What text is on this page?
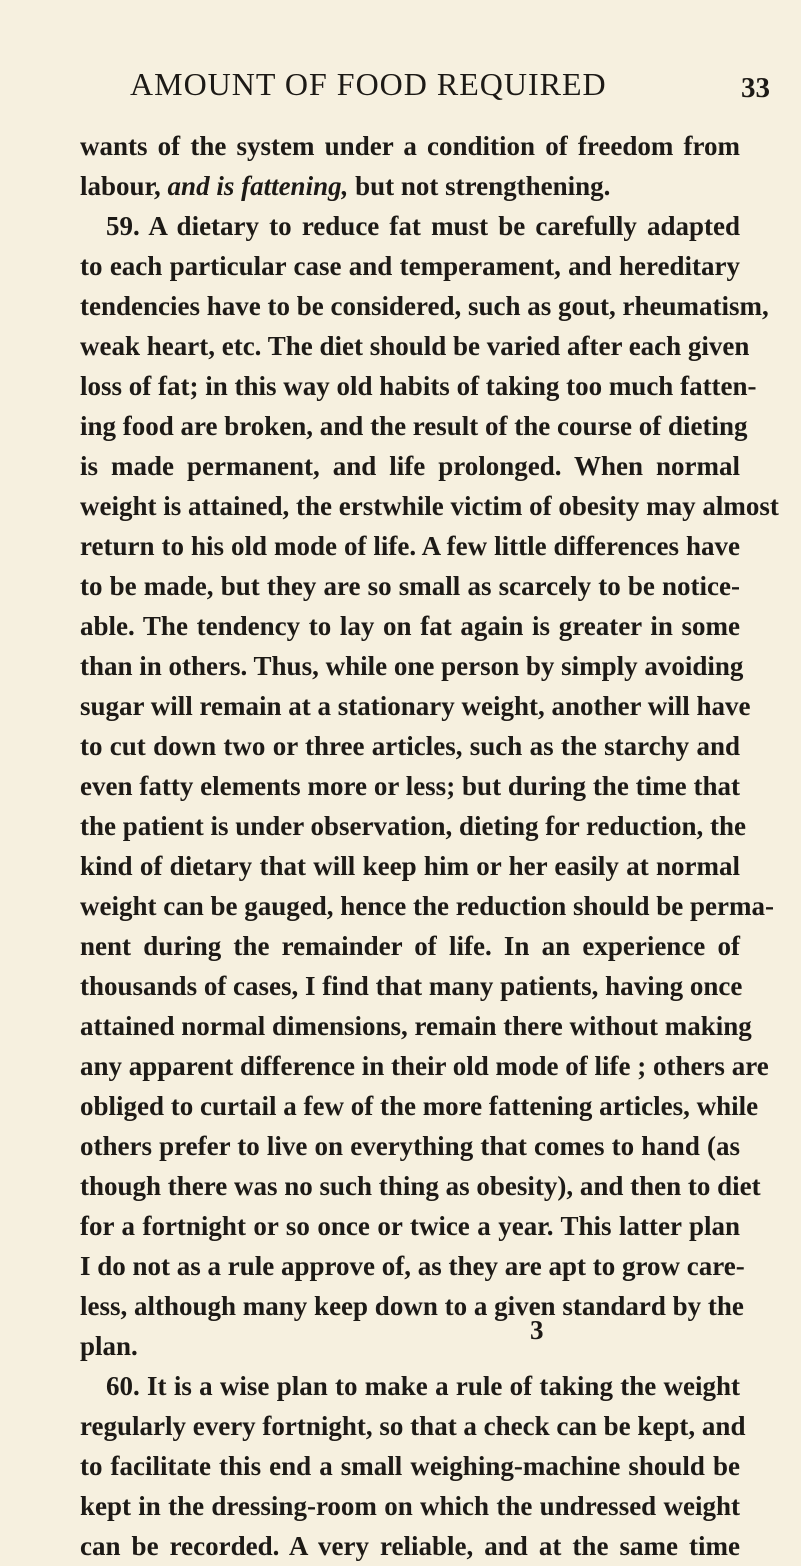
AMOUNT OF FOOD REQUIRED	33
wants of the system under a condition of freedom from
labour, and is fattening, but not strengthening.
59. A dietary to reduce fat must be carefully adapted
to each particular case and temperament, and hereditary
tendencies have to be considered, such as gout, rheumatism,
weak heart, etc. The diet should be varied after each given
loss of fat; in this way old habits of taking too much fatten-
ing food are broken, and the result of the course of dieting
is made permanent, and life prolonged. When normal
weight is attained, the erstwhile victim of obesity may almost
return to his old mode of life. A few little differences have
to be made, but they are so small as scarcely to be notice-
able. The tendency to lay on fat again is greater in some
than in others. Thus, while one person by simply avoiding
sugar will remain at a stationary weight, another will have
to cut down two or three articles, such as the starchy and
even fatty elements more or less; but during the time that
the patient is under observation, dieting for reduction, the
kind of dietary that will keep him or her easily at normal
weight can be gauged, hence the reduction should be perma-
nent during the remainder of life. In an experience of
thousands of cases, I find that many patients, having once
attained normal dimensions, remain there without making
any apparent difference in their old mode of life ; others are
obliged to curtail a few of the more fattening articles, while
others prefer to live on everything that comes to hand (as
though there was no such thing as obesity), and then to diet
for a fortnight or so once or twice a year. This latter plan
I do not as a rule approve of, as they are apt to grow care-
less, although many keep down to a given standard by the
plan.
60. It is a wise plan to make a rule of taking the weight
regularly every fortnight, so that a check can be kept, and
to facilitate this end a small weighing-machine should be
kept in the dressing-room on which the undressed weight
can be recorded. A very reliable, and at the same time
3
